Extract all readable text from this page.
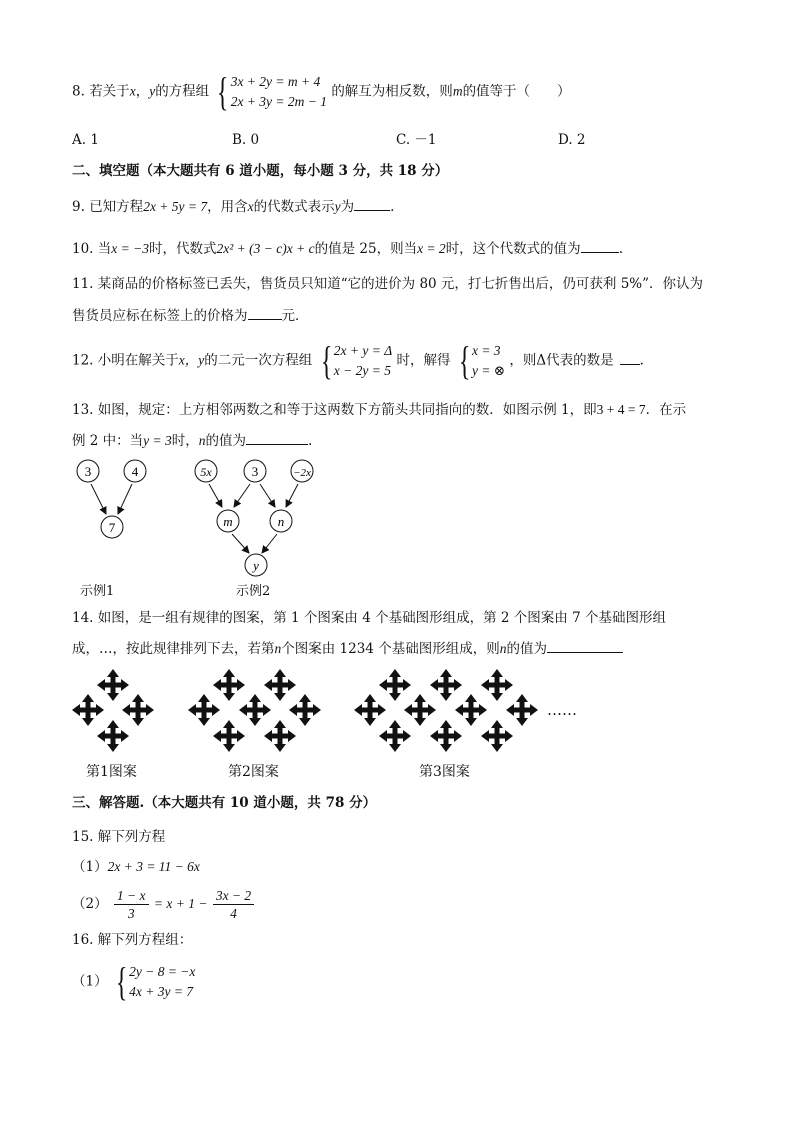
8. 若关于x，y的方程组 { 3x + 2y = m + 4
2x + 3y = 2m − 1
的解互为相反数，则m的值等于（　　）
A. 1	B. 0	C. －1	D. 2
二、填空题（本大题共有 6 道小题，每小题 3 分，共 18 分）
9. 已知方程2x + 5y = 7，用含x的代数式表示y为	.
10. 当x = −3时，代数式2x² + (3 − c)x + c的值是 25，则当x = 2时，这个代数式的值为	.
11. 某商品的价格标签已丢失，售货员只知道“它的进价为 80 元，打七折售出后，仍可获利 5%”．你认为
售货员应标在标签上的价格为	元．
12. 小明在解关于x，y的二元一次方程组 { 2x + y = Δ
x − 2y = 5
时，解得 { x = 3
y = ⊗
，则Δ代表的数是 .
13. 如图，规定：上方相邻两数之和等于这两数下方箭头共同指向的数．如图示例 1，即3 + 4 = 7．在示
例 2 中：当y = 3时，n的值为	.
3	4
7
5x	3	−2x
m	n
y
示例1	示例2
14. 如图，是一组有规律的图案，第 1 个图案由 4 个基础图形组成，第 2 个图案由 7 个基础图形组
成，…，按此规律排列下去，若第n个图案由 1234 个基础图形组成，则n的值为
……
第1图案	第2图案	第3图案
三、解答题.（本大题共有 10 道小题，共 78 分）
15. 解下列方程
（1）2x + 3 = 11 − 6x
$(2) \frac{1 - x}{3} = x + 1 - \frac{3x - 2}{4}$
16. 解下列方程组：
（1） { 2y − 8 = −x
4x + 3y = 7
